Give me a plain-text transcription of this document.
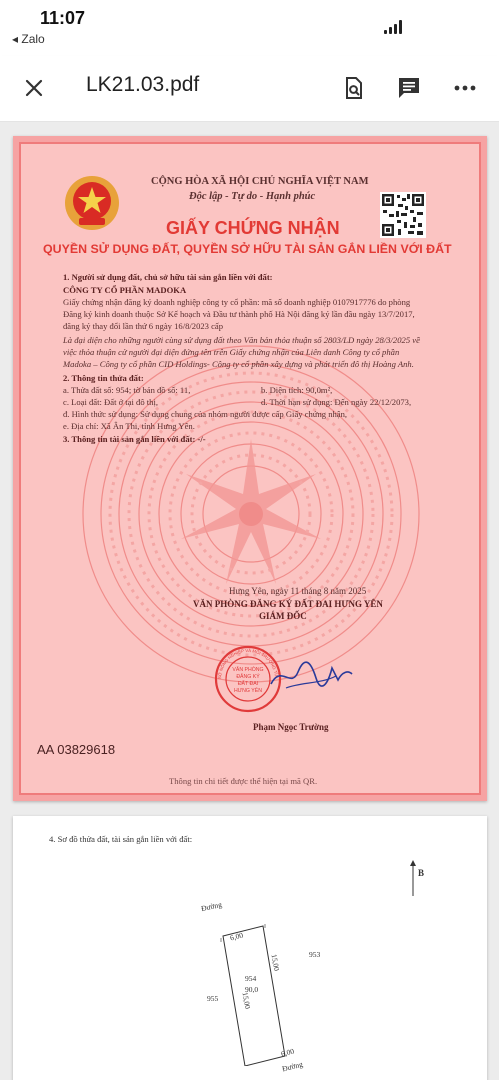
11:07
◂ Zalo
LK21.03.pdf
CỘNG HÒA XÃ HỘI CHỦ NGHĨA VIỆT NAM
Độc lập - Tự do - Hạnh phúc
GIẤY CHỨNG NHẬN
QUYỀN SỬ DỤNG ĐẤT, QUYỀN SỞ HỮU TÀI SẢN GẮN LIỀN VỚI ĐẤT
1. Người sử dụng đất, chủ sở hữu tài sản gắn liền với đất:
CÔNG TY CỔ PHẦN MADOKA
Giấy chứng nhận đăng ký doanh nghiệp công ty cổ phần: mã số doanh nghiệp 0107917776 do phòng
Đăng ký kinh doanh thuộc Sở Kế hoạch và Đầu tư thành phố Hà Nội đăng ký lần đầu ngày 13/7/2017,
đăng ký thay đổi lần thứ 6 ngày 16/8/2023 cấp
Là đại diện cho những người cùng sử dụng đất theo Văn bản thỏa thuận số 2803/LD ngày 28/3/2025 về
việc thỏa thuận cử người đại diện đứng tên trên Giấy chứng nhận của Liên danh Công ty cổ phần
Madoka – Công ty cổ phần CID Holdings- Công ty cổ phần xây dựng và phát triển đô thị Hoàng Anh.
2. Thông tin thửa đất:
a. Thửa đất số: 954; tờ bản đồ số: 11,	b. Diện tích: 90,0m²,
c. Loại đất: Đất ở tại đô thị,	d. Thời hạn sử dụng: Đến ngày 22/12/2073,
đ. Hình thức sử dụng: Sử dụng chung của nhóm người được cấp Giấy chứng nhận,
e. Địa chỉ: Xã Ân Thi, tỉnh Hưng Yên.
3. Thông tin tài sản gắn liền với đất: -/-
Hưng Yên, ngày 11 tháng 8 năm 2025
VĂN PHÒNG ĐĂNG KÝ ĐẤT ĐAI HƯNG YÊN
GIÁM ĐỐC
VĂN PHÒNG
ĐĂNG KÝ
ĐẤT ĐAI
HƯNG YÊN
SỞ NÔNG NGHIỆP VÀ MÔI TRƯỜNG TỈN
Phạm Ngọc Trường
AA 03829618
Thông tin chi tiết được thể hiện tại mã QR.
4. Sơ đồ thửa đất, tài sản gắn liền với đất:
B
Đường
6,00
15,00
15,00
954
90,0
6,00
Đường
953
955
